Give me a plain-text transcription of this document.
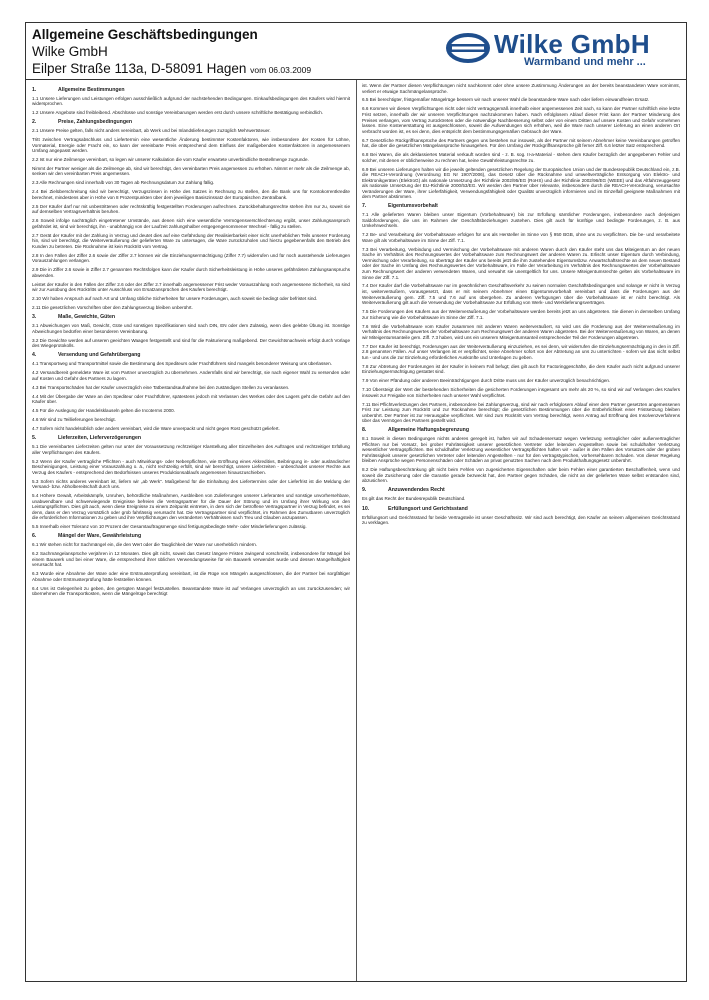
Allgemeine Geschäftsbedingungen
Wilke GmbH
Eilper Straße 113a, D-58091 Hagen vom 06.03.2009
Wilke GmbH
Warmband und mehr ...
1.	Allgemeine Bestimmungen

1.1 Unsere Lieferungen und Leistungen erfolgen ausschließlich aufgrund der nachstehenden Bedingungen. Einkaufsbedingungen des Käufers wird hiermit widersprochen.

1.2 Unsere Angebote sind freibleibend. Abschlüsse und sonstige Vereinbarungen werden erst durch unsere schriftliche Bestätigung verbindlich.

2.	Preise, Zahlungsbedingungen

2.1 Unsere Preise gelten, falls nicht anders vereinbart, ab Werk und bei Inlandslieferungen zuzüglich Mehrwertsteuer.

Tritt zwischen Vertragsabschluss und Liefertermin eine wesentliche Änderung bestimmter Kostenfaktoren, wie insbesondere der Kosten für Löhne, Vormaterial, Energie oder Fracht ein, so kann der vereinbarte Preis entsprechend dem Einfluss der maßgebenden Kostenfaktoren in angemessenem Umfang angepasst werden.

2.2 Ist nur eine Zeilmenge vereinbart, so legen wir unserer Kalkulation die vom Käufer erwartete unverbindliche Bestellmenge zugrunde.

Nimmt der Partner weniger als die Zeilmenge ab, sind wir berechtigt, den vereinbarten Preis angemessen zu erhöhen. Nimmt er mehr als die Zeilmenge ab, senken wir den vereinbarten Preis angemessen.

2.3 Alle Rechnungen sind innerhalb von 30 Tagen ab Rechnungsdatum zur Zahlung fällig.

2.4 Bei Zielüberschreitung sind wir berechtigt, Verzugszinsen in Höhe des Satzes in Rechnung zu stellen, den die Bank uns für Kontokorrentkredite berechnet, mindestens aber in Höhe von 8 Prozentpunkten über dem jeweiligen Basiszinssatz der Europäischen Zentralbank.

2.5 Der Käufer darf nur mit unbestrittenen oder rechtskräftig festgestellten Forderungen aufrechnen. Zurückbehaltungsrechte stehen ihm nur zu, soweit sie auf demselben Vertragsverhältnis beruhen.

2.6 Soweit infolge nachträglich eingetretener Umstände, aus denen sich eine wesentliche Vermögensverschlechterung ergibt, unser Zahlungsanspruch gefährdet ist, sind wir berechtigt, ihn - unabhängig von der Laufzeit zahlungshalber entgegengenommener Wechsel - fällig zu stellen.

2.7 Gerät der Käufer mit der Zahlung in Verzug und deutet dies auf eine Gefährdung der Realisierbarkeit einer nicht unerheblichen Teils unserer Forderung hin, sind wir berechtigt, die Weiterveräußerung der gelieferten Ware zu untersagen, die Ware zurückzuholen und hierzu gegebenenfalls den Betrieb des Kunden zu betreten. Die Rücknahme ist kein Rücktritt vom Vertrag.

2.8 In den Fällen der Ziffer 2.6 sowie der Ziffer 2.7 können wir die Einziehungsermächtigung (Ziffer 7.7) widerrufen und für noch ausstehende Lieferungen Vorauszahlungen verlangen.

2.9 Die in Ziffer 2.6 sowie in Ziffer 2.7 genannten Rechtsfolgen kann der Käufer durch Sicherheitsleistung in Höhe unseres gefährdeten Zahlungsanspruchs abwenden.

Leistet der Käufer in den Fällen der Ziffer 2.6 oder der Ziffer 2.7 innerhalb angemessener Frist weder Vorauszahlung noch angemessene Sicherheit, so sind wir zur Ausübung des Rücktritts unter Ausschluss von Ersatzansprüchen des Käufers berechtigt.

2.10 Wir haben Anspruch auf nach Art und Umfang übliche Sicherheiten für unsere Forderungen, auch soweit sie bedingt oder befristet sind.

2.11 Die gesetzlichen Vorschriften über den Zahlungsverzug bleiben unberührt.

3.	Maße, Gewichte, Güten

3.1 Abweichungen von Maß, Gewicht, Güte und sonstigen Spezifikationen sind nach DIN, EN oder dem Zulässig, wenn dies gelebte Übung ist. Sonstige Abweichungen bedürfen einer besonderen Vereinbarung.

3.2 Die Gewichte werden auf unseren geeichten Waagen festgestellt und sind für die Fakturierung maßgebend. Der Gewichtsnachweis erfolgt durch Vorlage des Wiegeprotokolls.

4.	Versendung und Gefahrübergang

4.1 Transportweg und Transportmittel sowie die Bestimmung des Spediteurs oder Frachtführers sind mangels besonderer Weisung uns überlassen.

4.2 Versandbereit gemeldete Ware ist vom Partner unverzüglich zu übernehmen. Andernfalls sind wir berechtigt, sie nach eigener Wahl zu versenden oder auf Kosten und Gefahr des Partners zu lagern.

4.3 Bei Transportschäden hat der Käufer unverzüglich eine Tatbestandsaufnahme bei den zuständigen Stellen zu veranlassen.

4.4 Mit der Übergabe der Ware an den Spediteur oder Frachtführer, spätestens jedoch mit Verlassen des Werkes oder des Lagers geht die Gefahr auf den Käufer über.

4.5 Für die Auslegung der Handelsklauseln gelten die Incoterms 2000.

4.6 Wir sind zu Teillieferungen berechtigt.

4.7 Sofern nicht handelsüblich oder anders vereinbart, wird die Ware unverpackt und nicht gegen Rost geschützt geliefert.

5.	Lieferzeiten, Lieferverzögerungen

5.1 Die vereinbarten Lieferzeiten gelten nur unter der Voraussetzung rechtzeitiger Klarstellung aller Einzelheiten des Auftrages und rechtzeitiger Erfüllung aller Verpflichtungen des Käufers.

5.2 Wenn der Käufer vertragliche Pflichten - auch Mitwirkungs- oder Nebenpflichten, wie Eröffnung eines Akkreditivs, Beibringung in- oder ausländischer Bescheinigungen, Leistung einer Vorauszahlung o. ä., nicht rechtzeitig erfüllt, sind wir berechtigt, unsere Lieferzeiten - unbeschadet unserer Rechte aus Verzug des Käufers - entsprechend den Bedürfnissen unseres Produktionsablaufs angemessen hinauszuschieben.

5.3 Sofern nichts anderes vereinbart ist, liefern wir „ab Werk". Maßgebend für die Einhaltung des Liefertermins oder der Lieferfrist ist die Meldung der Versand- bzw. Abholbereitschaft durch uns.

5.4 Höhere Gewalt, Arbeitskämpfe, Unruhen, behördliche Maßnahmen, Ausbleiben von Zulieferungen unserer Lieferanten und sonstige unvorhersehbare, unabwendbare und schwerwiegende Ereignisse befreien die Vertragspartner für die Dauer der Störung und im Umfang ihrer Wirkung von den Leistungspflichten. Dies gilt auch, wenn diese Ereignisse zu einem Zeitpunkt eintreten, in dem sich der betroffene Vertragspartner in Verzug befindet, es sei denn, dass er den Verzug vorsätzlich oder grob fahrlässig verursacht hat. Die Vertragspartner sind verpflichtet, im Rahmen des Zumutbaren unverzüglich die erforderlichen Informationen zu geben und ihre Verpflichtungen den veränderten Verhältnissen nach Treu und Glauben anzupassen.

5.5 Innerhalb einer Toleranz von 10 Prozent der Gesamtauftragsmenge sind fertigungsbedingte Mehr- oder Minderlieferungen zulässig.

6.	Mängel der Ware, Gewährleistung

6.1 Wir stehen nicht für Sachmängel ein, die den Wert oder die Tauglichkeit der Ware nur unerheblich mindern.

6.2 Sachmängelansprüche verjähren in 12 Monaten. Dies gilt nicht, soweit das Gesetz längere Fristen zwingend vorschreibt, insbesondere für Mängel bei einem Bauwerk und bei einer Ware, die entsprechend ihrer üblichen Verwendungsweise für ein Bauwerk verwendet wurde und dessen Mangelhaftigkeit verursacht hat.

6.3 Wurde eine Abnahme der Ware oder eine Erstmusterprüfung vereinbart, ist die Rüge von Mängeln ausgeschlossen, die der Partner bei sorgfältiger Abnahme oder Erstmusterprüfung hätte feststellen können.

6.4 Uns ist Gelegenheit zu geben, den gerügten Mangel festzustellen. Beanstandete Ware ist auf Verlangen unverzüglich an uns zurückzusenden; wir übernehmen die Transportkosten, wenn die Mängelrüge berechtigt

ist. Wenn der Partner diesen Verpflichtungen nicht nachkommt oder ohne unsere Zustimmung Änderungen an der bereits beanstandeten Ware vornimmt, verliert er etwaige Sachmängelansprüche.

6.5 Bei berechtigter, fristgemäßer Mängelrüge bessern wir nach unserer Wahl die beanstandete Ware nach oder liefern einwandfreien Ersatz.

6.6 Kommen wir diesen Verpflichtungen nicht oder nicht vertragsgemäß innerhalb einer angemessenen Zeit nach, so kann der Partner schriftlich eine letzte Frist setzen, innerhalb der wir unseren Verpflichtungen nachzukommen haben. Nach erfolglosem Ablauf dieser Frist kann der Partner Minderung des Preises verlangen, vom Vertrag zurücktreten oder die notwendige Nachbesserung selbst oder von einem Dritten auf unsere Kosten und Gefahr vornehmen lassen. Eine Kostenerstattung ist ausgeschlossen, soweit die Aufwendungen sich erhöhen, weil die Ware nach unserer Lieferung an einen anderen Ort verbracht worden ist, es sei denn, dies entspricht dem bestimmungsgemäßen Gebrauch der Ware.

6.7 Gesetzliche Rückgriffsansprüche des Partners gegen uns bestehen nur insoweit, als der Partner mit seinem Abnehmer keine Vereinbarungen getroffen hat, die über die gesetzlichen Mängelansprüche hinausgehen. Für den Umfang der Rückgriffsansprüche gilt ferner Ziff. 6.6 letzter Satz entsprechend.

6.8 Bei Waren, die als deklassiertes Material verkauft worden sind - z. B. sog. II-a-Material - stehen dem Käufer bezüglich der angegebenen Fehler und solcher, mit denen er üblicherweise zu rechnen hat, keine Gewährleistungsrechte zu.

6.9 Bei unseren Lieferungen halten wir die jeweils geltenden gesetzlichen Regelung der Europäischen Union und der Bundesrepublik Deutschland ein, z.B. die REACH-Verordnung (Verordnung EG Nr 1907/2006), das Gesetz über die Rücknahme und umweltverträgliche Entsorgung von Elektro- und Elektronikgeräten (ElektroG) als nationale Umsetzung der Richtlinie 2002/95/EG (RoHS) und der Richtlinie 2002/96/EG (WEEE) und das Altfahrzeuggesetz als nationale Umsetzung der EU-Richtlinie 2000/53/EG. Wir werden den Partner über relevante, insbesondere durch die REACH-Verordnung, verursachte Veränderungen der Ware, ihrer Lieferfähigkeit, Verwendungsfähigkeit oder Qualität unverzüglich informieren und im Einzelfall geeignete Maßnahmen mit dem Partner abstimmen.

7.	Eigentumsvorbehalt

7.1 Alle gelieferten Waren bleiben unser Eigentum (Vorbehaltsware) bis zur Erfüllung sämtlicher Forderungen, insbesondere auch derjenigen Saldoforderungen, die uns im Rahmen der Geschäftsbeziehungen zustehen. Dies gilt auch für künftige und bedingte Forderungen, z. B. aus Umkehrwechseln.

7.2 Be- und Verarbeitung der Vorbehaltsware erfolgen für uns als Hersteller im Sinne von § 950 BGB, ohne uns zu verpflichten. Die be- und verarbeitete Ware gilt als Vorbehaltsware im Sinne der Ziff. 7.1.

7.3 Bei Verarbeitung, Verbindung und Vermischung der Vorbehaltsware mit anderen Waren durch den Käufer steht uns das Miteigentum an der neuen Sache im Verhältnis des Rechnungswertes der Vorbehaltsware zum Rechnungswert der anderen Waren zu. Erlischt unser Eigentum durch Verbindung, Vermischung oder Verarbeitung, so überträgt der Käufer uns bereits jetzt die ihm zustehenden Eigentumsbzw. Anwartschaftsrechte an dem neuen Bestand oder der Sache im Umfang des Rechnungswertes der Vorbehaltsware, im Falle der Verarbeitung im Verhältnis des Rechnungswertes der Vorbehaltsware zum Rechnungswert der anderen verwendeten Waren, und verwahrt sie unentgeltlich für uns. Unsere Miteigentumsrechte gelten als Vorbehaltsware im Sinne der Ziff. 7.1.

7.4 Der Käufer darf die Vorbehaltsware nur im gewöhnlichen Geschäftsverkehr zu seinen normalen Geschäftsbedingungen und solange er nicht in Verzug ist, weiterveräußern, vorausgesetzt, dass er mit seinem Abnehmer einen Eigentumsvorbehalt vereinbart und dass die Forderungen aus der Weiterveräußerung gem. Ziff. 7.5 und 7.6 auf uns übergehen. Zu anderen Verfügungen über die Vorbehaltsware ist er nicht berechtigt. Als Weiterveräußerung gilt auch die Verwendung der Vorbehaltsware zur Erfüllung von Werk- und Werklieferungsverträgen.

7.5 Die Forderungen des Käufers aus der Weiterveräußerung der Vorbehaltsware werden bereits jetzt an uns abgetreten. Sie dienen in demselben Umfang zur Sicherung wie die Vorbehaltsware im Sinne der Ziff. 7.1.

7.6 Wird die Vorbehaltsware vom Käufer zusammen mit anderen Waren weiterveräußert, so wird uns die Forderung aus der Weiterveräußerung im Verhältnis des Rechnungswertes der Vorbehaltsware zum Rechnungswert der anderen Waren abgetreten. Bei der Weiterveräußerung von Waren, an denen wir Miteigentumsanteile gem. Ziff. 7.3 haben, wird uns ein unserem Miteigentumsanteil entsprechender Teil der Forderungen abgetreten.

7.7 Der Käufer ist berechtigt, Forderungen aus der Weiterveräußerung einzuziehen, es sei denn, wir widerrufen die Einziehungsermächtigung in den in Ziff. 2.8 genannten Fällen. Auf unser Verlangen ist er verpflichtet, seine Abnehmer sofort von der Abtretung an uns zu unterrichten - sofern wir das nicht selbst tun - und uns die zur Einziehung erforderlichen Auskünfte und Unterlagen zu geben.

7.8 Zur Abtretung der Forderungen ist der Käufer in keinem Fall befugt; dies gilt auch für Factoringgeschäfte, die dem Käufer auch nicht aufgrund unserer Einziehungsermächtigung gestattet sind.

7.9 Von einer Pfändung oder anderen Beeinträchtigungen durch Dritte muss uns der Käufer unverzüglich benachrichtigen.

7.10 Übersteigt der Wert der bestehenden Sicherheiten die gesicherten Forderungen insgesamt um mehr als 20 %, so sind wir auf Verlangen des Käufers insoweit zur Freigabe von Sicherheiten nach unserer Wahl verpflichtet.

7.11 Bei Pflichtverletzungen des Partners, insbesondere bei Zahlungsverzug, sind wir nach erfolglosem Ablauf einer dem Partner gesetzten angemessenen Frist zur Leistung zum Rücktritt und zur Rücknahme berechtigt; die gesetzlichen Bestimmungen über die Entbehrlichkeit einer Fristsetzung bleiben unberührt. Der Partner ist zur Herausgabe verpflichtet. Wir sind zum Rücktritt vom Vertrag berechtigt, wenn Antrag auf Eröffnung des Insolvenzverfahrens über das Vermögen des Partners gestellt wird.

8.	Allgemeine Haftungsbegrenzung

8.1 Soweit in diesen Bedingungen nichts anderes geregelt ist, haften wir auf Schadensersatz wegen Verletzung vertraglicher oder außervertraglicher Pflichten nur bei Vorsatz, bei grober Fahrlässigkeit unserer gesetzlichen Vertreter oder leitenden Angestellten sowie bei schuldhafter Verletzung wesentlicher Vertragspflichten. Bei schuldhafter Verletzung wesentlicher Vertragspflichten haften wir - außer in den Fällen des Vorsatzes oder der groben Fahrlässigkeit unserer gesetzlichen Vertreter oder leitenden Angestellten - nur für den vertragstypischen, vorhersehbaren Schaden. Von dieser Regelung bleiben Ansprüche wegen Personenschäden oder Schäden an privat genutzten Sachen nach dem Produkthaftungsgesetz unberührt.

8.2 Die Haftungsbeschränkung gilt nicht beim Fehlen von zugesicherten Eigenschaften oder beim Fehlen einer garantierten Beschaffenheit, wenn und soweit die Zusicherung oder die Garantie gerade bezweckt hat, den Partner gegen Schäden, die nicht an der gelieferten Ware selbst entstanden sind, abzusichern.

9.	Anzuwendendes Recht

Es gilt das Recht der Bundesrepublik Deutschland.

10.	Erfüllungsort und Gerichtsstand

Erfüllungsort und Gerichtsstand für beide Vertragsteile ist unser Geschäftssitz. Wir sind auch berechtigt, den Käufer an seinem allgemeinen Gerichtsstand zu verklagen.
